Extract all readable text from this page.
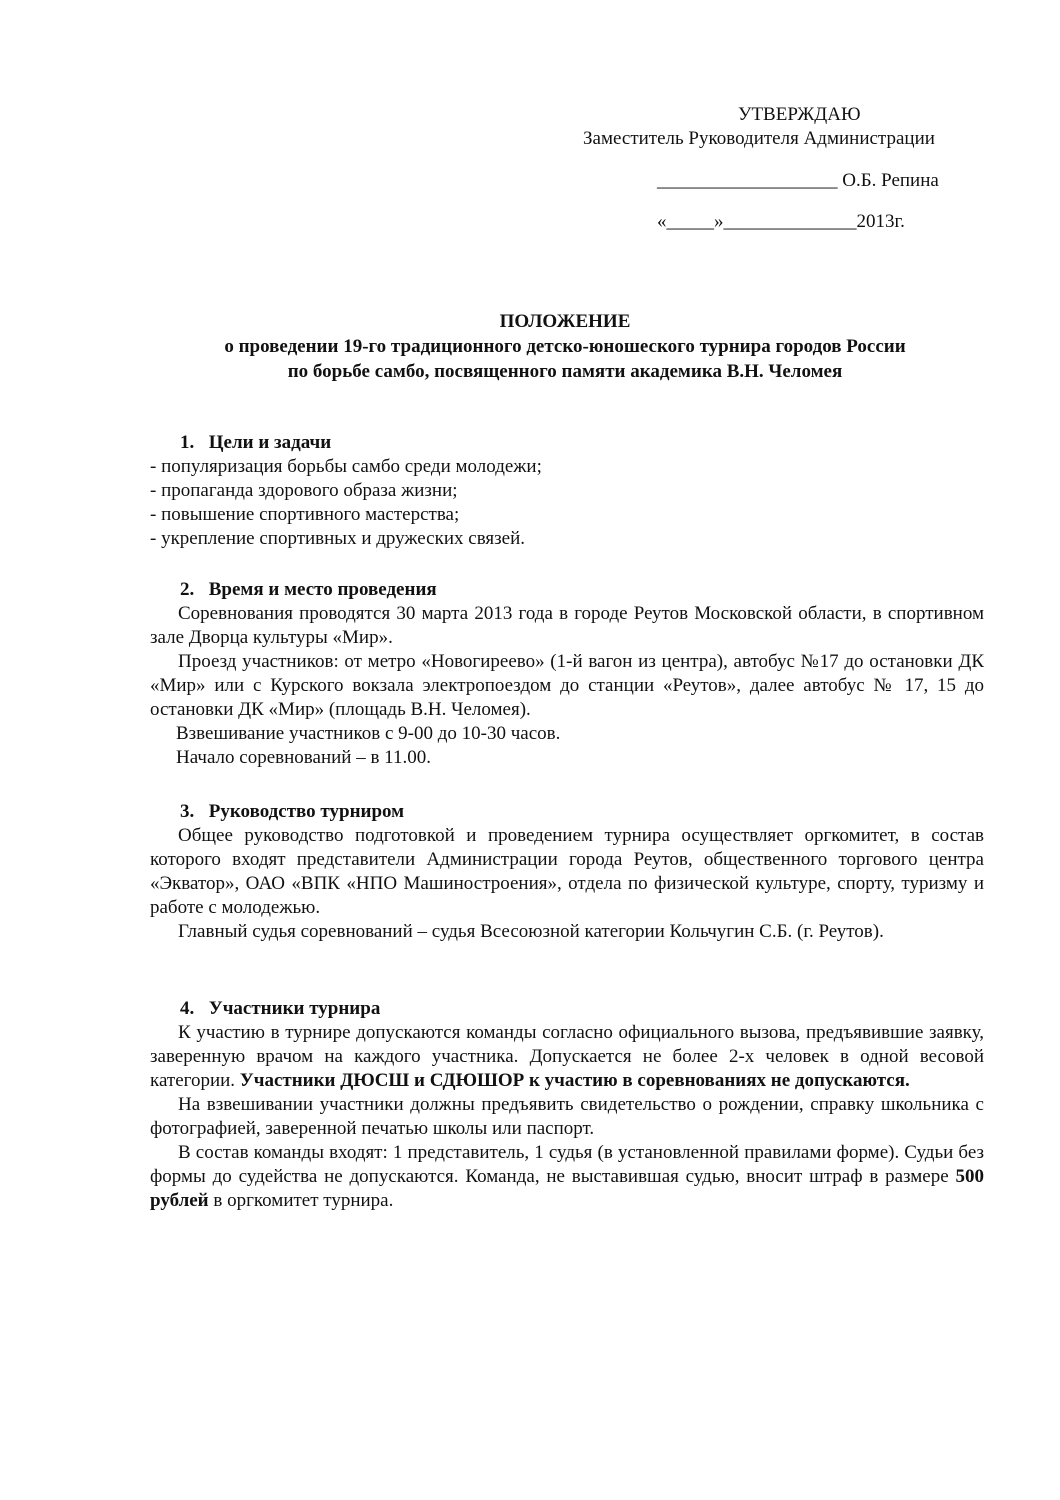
УТВЕРЖДАЮ
Заместитель Руководителя Администрации
___________________ О.Б. Репина
«_____»______________2013г.
ПОЛОЖЕНИЕ
о проведении 19-го традиционного детско-юношеского турнира городов России
по борьбе самбо, посвященного памяти академика В.Н. Челомея
1. Цели и задачи
- популяризация борьбы самбо среди молодежи;
- пропаганда здорового образа жизни;
- повышение спортивного мастерства;
- укрепление спортивных и дружеских связей.
2. Время и место проведения
Соревнования проводятся 30 марта 2013 года в городе Реутов Московской области, в спортивном зале Дворца культуры «Мир».
Проезд участников: от метро «Новогиреево» (1-й вагон из центра), автобус №17 до остановки ДК «Мир» или с Курского вокзала электропоездом до станции «Реутов», далее автобус № 17, 15 до остановки ДК «Мир» (площадь В.Н. Челомея).
Взвешивание участников с 9-00 до 10-30 часов.
Начало соревнований – в 11.00.
3. Руководство турниром
Общее руководство подготовкой и проведением турнира осуществляет оргкомитет, в состав которого входят представители Администрации города Реутов, общественного торгового центра «Экватор», ОАО «ВПК «НПО Машиностроения», отдела по физической культуре, спорту, туризму и работе с молодежью.
Главный судья соревнований – судья Всесоюзной категории Кольчугин С.Б. (г. Реутов).
4. Участники турнира
К участию в турнире допускаются команды согласно официального вызова, предъявившие заявку, заверенную врачом на каждого участника. Допускается не более 2-х человек в одной весовой категории. Участники ДЮСШ и СДЮШОР к участию в соревнованиях не допускаются.
На взвешивании участники должны предъявить свидетельство о рождении, справку школьника с фотографией, заверенной печатью школы или паспорт.
В состав команды входят: 1 представитель, 1 судья (в установленной правилами форме). Судьи без формы до судейства не допускаются. Команда, не выставившая судью, вносит штраф в размере 500 рублей в оргкомитет турнира.
